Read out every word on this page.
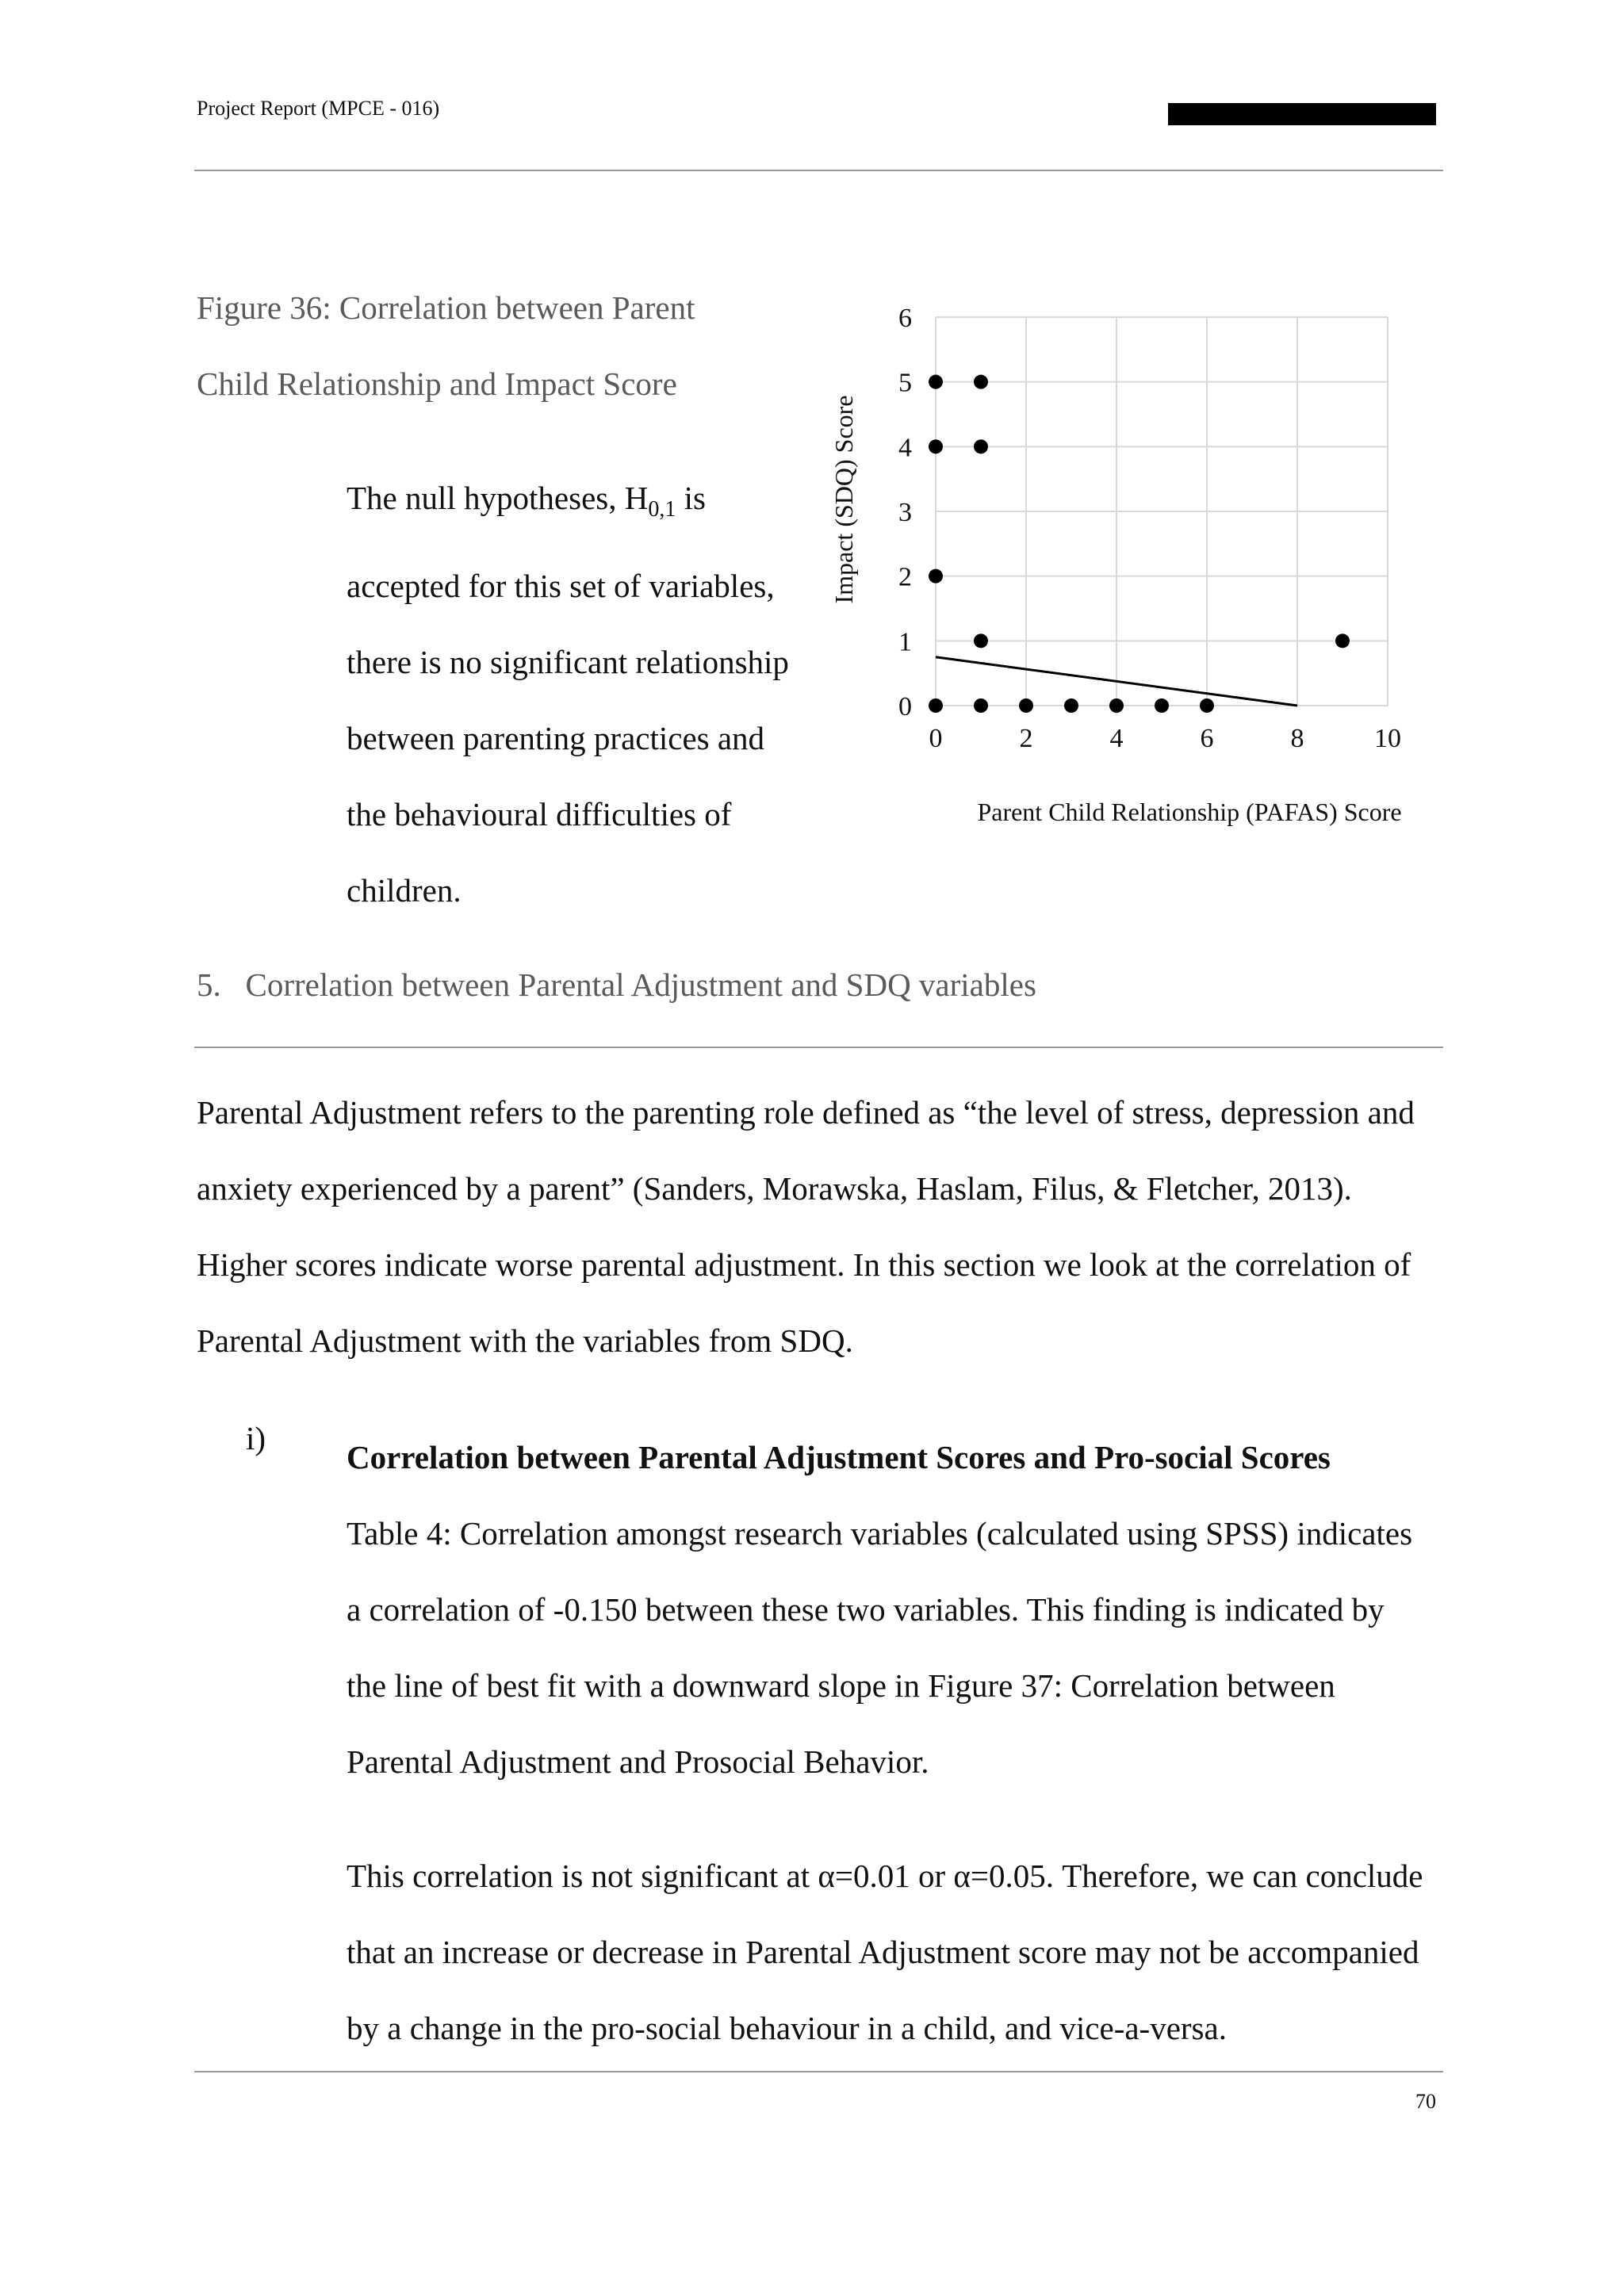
Project Report (MPCE - 016)
Figure 36: Correlation between Parent
Child Relationship and Impact Score
The null hypotheses, $H_{0,1}$ is
accepted for this set of variables,
there is no significant relationship
between parenting practices and
the behavioural difficulties of
children.
0	2	4	6	8	10
0
1
2
3
4
5
6
Parent Child Relationship (PAFAS) Score
Impact (SDQ) Score
5. Correlation between Parental Adjustment and SDQ variables
Parental Adjustment refers to the parenting role defined as “the level of stress, depression and
anxiety experienced by a parent” (Sanders, Morawska, Haslam, Filus, & Fletcher, 2013).
Higher scores indicate worse parental adjustment. In this section we look at the correlation of
Parental Adjustment with the variables from SDQ.
i)
Correlation between Parental Adjustment Scores and Pro-social Scores
Table 4: Correlation amongst research variables (calculated using SPSS) indicates
a correlation of -0.150 between these two variables. This finding is indicated by
the line of best fit with a downward slope in Figure 37: Correlation between
Parental Adjustment and Prosocial Behavior.
This correlation is not significant at α=0.01 or α=0.05. Therefore, we can conclude
that an increase or decrease in Parental Adjustment score may not be accompanied
by a change in the pro-social behaviour in a child, and vice-a-versa.
70
